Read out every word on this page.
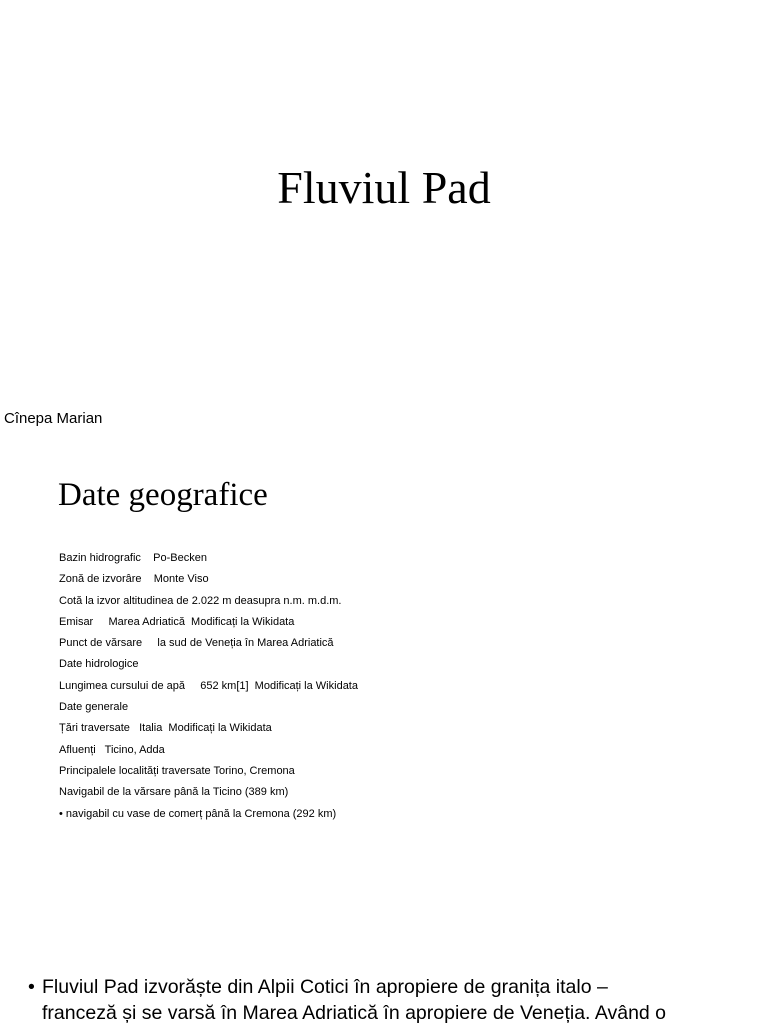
Fluviul Pad
Cînepa Marian
Date geografice
Bazin hidrografic    Po-Becken
Zonă de izvorâre    Monte Viso
Cotă la izvor altitudinea de 2.022 m deasupra n.m. m.d.m.
Emisar     Marea Adriatică  Modificați la Wikidata
Punct de vărsare     la sud de Veneția în Marea Adriatică
Date hidrologice
Lungimea cursului de apă     652 km[1]  Modificați la Wikidata
Date generale
Țări traversate   Italia  Modificați la Wikidata
Afluenți   Ticino, Adda
Principalele localități traversate Torino, Cremona
Navigabil de la vărsare până la Ticino (389 km)
• navigabil cu vase de comerț până la Cremona (292 km)
• Fluviul Pad izvorăște din Alpii Cotici în apropiere de granița italo –
franceză și se varsă în Marea Adriatică în apropiere de Veneția. Având o
